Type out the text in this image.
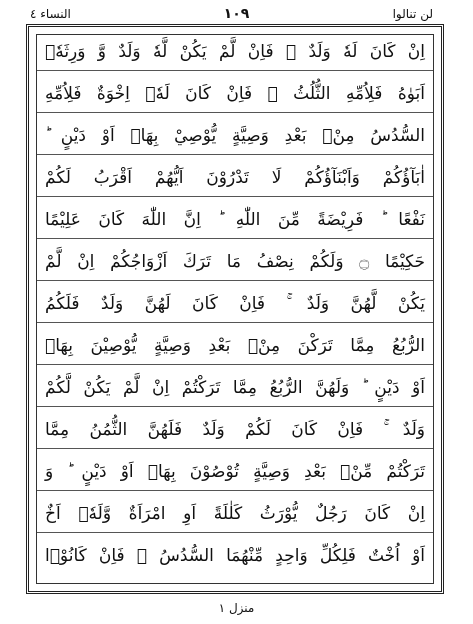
النساء ٤	١٠٩	لن تنالوا
اِنْ كَانَ لَهٗ وَلَدٌ ۚ فَاِنْ لَّمْ يَكُنْ لَّهٗ وَلَدٌ وَّ وَرِثَهٗۤ
اَبَوٰهُ فَلِاُمِّهِ الثُّلُثُ ۚ فَاِنْ كَانَ لَهٗۤ اِخْوَةٌ فَلِاُمِّهِ
السُّدُسُ مِنْۢ بَعْدِ وَصِيَّةٍ يُّوْصِيْ بِهَاۤ اَوْ دَيْنٍ ؕ
اٰبَآؤُكُمْ وَاَبْنَآؤُكُمْ لَا تَدْرُوْنَ اَيُّهُمْ اَقْرَبُ لَكُمْ
نَفْعًا ؕ فَرِيْضَةً مِّنَ اللّٰهِ ؕ اِنَّ اللّٰهَ كَانَ عَلِيْمًا
حَكِيْمًا ۝ وَلَكُمْ نِصْفُ مَا تَرَكَ اَزْوَاجُكُمْ اِنْ لَّمْ
يَكُنْ لَّهُنَّ وَلَدٌ ۚ فَاِنْ كَانَ لَهُنَّ وَلَدٌ فَلَكُمُ
الرُّبُعُ مِمَّا تَرَكْنَ مِنْۢ بَعْدِ وَصِيَّةٍ يُّوْصِيْنَ بِهَاۤ
اَوْ دَيْنٍ ؕ وَلَهُنَّ الرُّبُعُ مِمَّا تَرَكْتُمْ اِنْ لَّمْ يَكُنْ لَّكُمْ
وَلَدٌ ۚ فَاِنْ كَانَ لَكُمْ وَلَدٌ فَلَهُنَّ الثُّمُنُ مِمَّا
تَرَكْتُمْ مِّنْۢ بَعْدِ وَصِيَّةٍ تُوْصُوْنَ بِهَاۤ اَوْ دَيْنٍ ؕ وَ
اِنْ كَانَ رَجُلٌ يُّوْرَثُ كَلٰلَةً اَوِ امْرَاَةٌ وَّلَهٗۤ اَخٌ
اَوْ اُخْتٌ فَلِكُلِّ وَاحِدٍ مِّنْهُمَا السُّدُسُ ۚ فَاِنْ كَانُوْۤا
منزل ١
